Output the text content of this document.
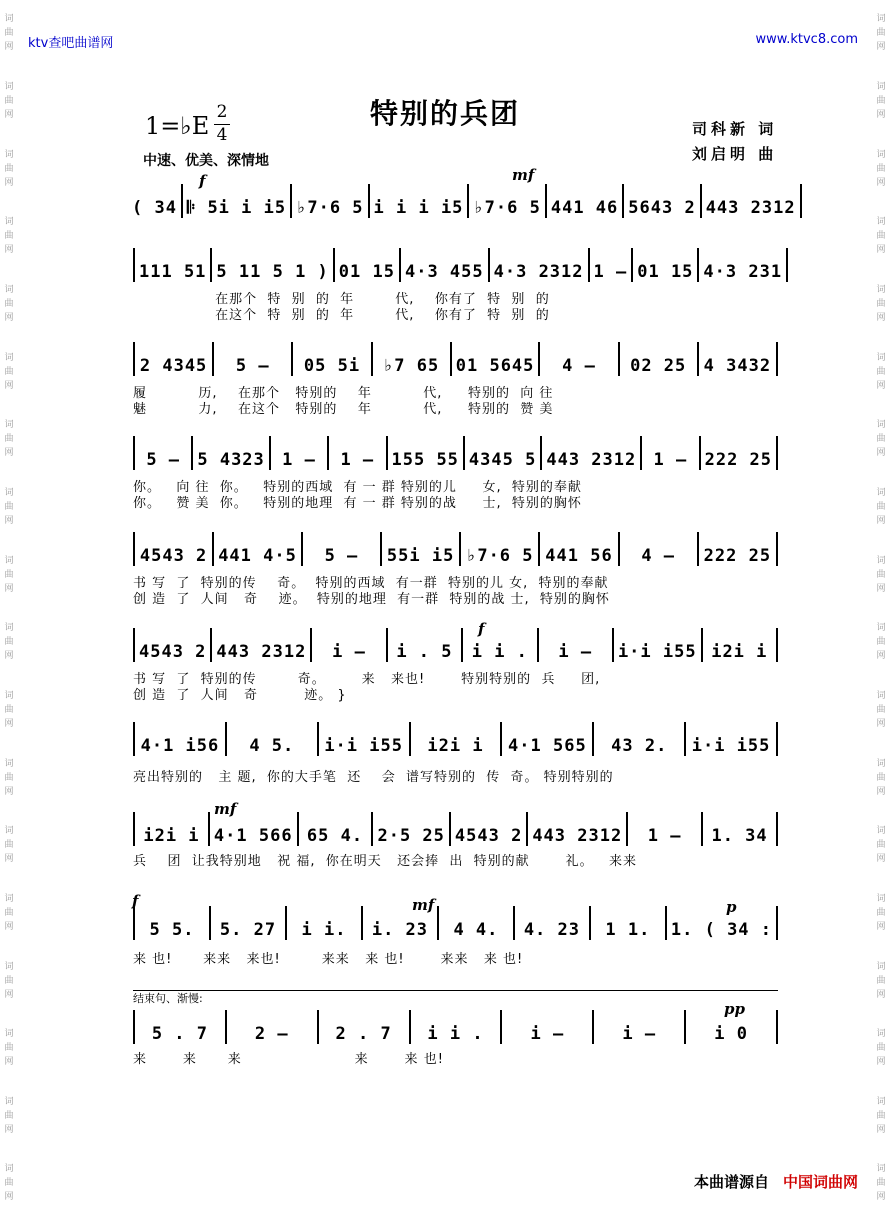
词
曲
网
词
曲
网
词
曲
网
词
曲
网
词
曲
网
词
曲
网
词
曲
网
词
曲
网
词
曲
网
词
曲
网
词
曲
网
词
曲
网
词
曲
网
词
曲
网
词
曲
网
词
曲
网
词
曲
网
词
曲
网
词
曲
网
词
曲
网
词
曲
网
词
曲
网
词
曲
网
词
曲
网
词
曲
网
词
曲
网
词
曲
网
词
曲
网
词
曲
网
词
曲
网
词
曲
网
词
曲
网
词
曲
网
词
曲
网
词
曲
网
词
曲
网
ktv查吧曲谱网	www.ktvc8.com
特别的兵团
1=♭E 2
4
中速、优美、深情地
司科新 词
刘启明 曲
( 34 𝄆 5i i i5 ♭7·6 5 i i i i5 ♭7·6 5 441 46 5643 2 443 2312
111 51 5 11 5 1 ) 01 15 4·3 455 4·3 2312 1 – 01 15 4·3 231
2 4345	5 –	05 5i	♭7 65 01 5645	4 –	02 25	4 3432
5 –	5 4323	1 –	1 –	155 55 4345 5 443 2312	1 –	222 25
4543 2 441 4·5	5 –	55i i5 ♭7·6 5 441 56	4 –	222 25
4543 2 443 2312	i –	i . 5	i i .	i –	i·i i55 i2i i
4·1 i56	4 5.	i·i i55	i2i i	4·1 565	43 2.	i·i i55
i2i i 4·1 566 65 4. 2·5 25 4543 2 443 2312	1 –	1. 34
5 5.	5. 27	i i.	i. 23	4 4.	4. 23	1 1.	1. ( 34 :
5 . 7	2 –	2 . 7	i i .	i –	i –	i 0
在那个  特  别  的  年        代,    你有了  特  别  的
在这个  特  别  的  年        代,    你有了  特  别  的
履          历,    在那个   特别的    年          代,     特别的  向 往
魅          力,    在这个   特别的    年          代,     特别的  赞 美
你。   向 往  你。   特别的西域  有 一 群 特别的儿     女,  特别的奉献
你。   赞 美  你。   特别的地理  有 一 群 特别的战     士,  特别的胸怀
书 写  了  特别的传    奇。  特别的西域  有一群  特别的儿 女,  特别的奉献
创 造  了  人间   奇    迹。  特别的地理  有一群  特别的战 士,  特别的胸怀
书 写  了  特别的传        奇。       来   来也!       特别特别的  兵     团,
创 造  了  人间   奇         迹。 }
亮出特别的   主 题,  你的大手笔  还    会  谱写特别的  传  奇。 特别特别的
兵    团  让我特别地   祝 福,  你在明天   还会捧  出  特别的献       礼。   来来
来 也!      来来   来也!        来来   来 也!       来来   来 也!
来       来      来                      来       来 也!
f	mf
f	mf
f
mf
p
pp
结束句、渐慢:
本曲谱源自 中国词曲网
